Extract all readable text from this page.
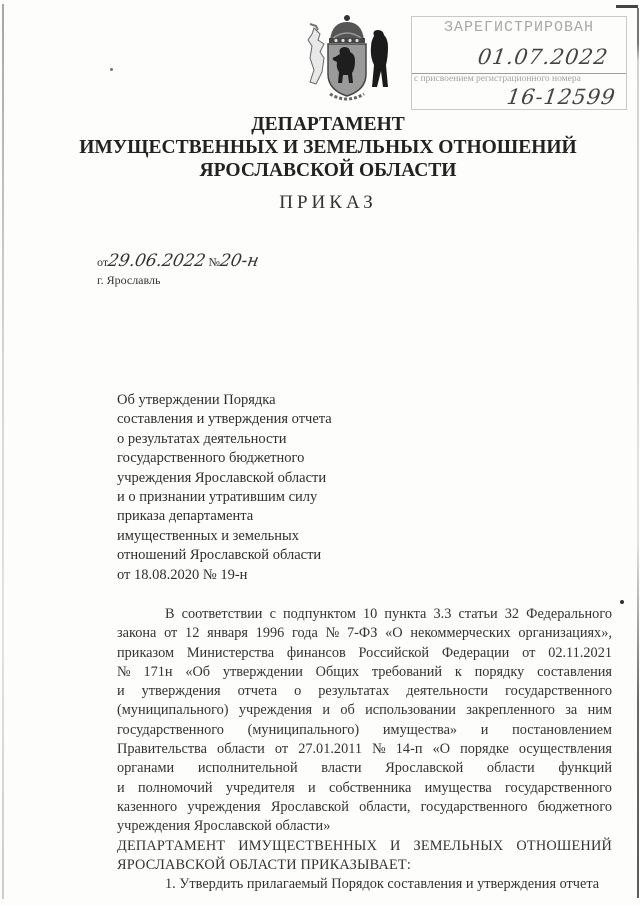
ЗАРЕГИСТРИРОВАН
01.07.2022
с присвоением регистрационного номера
16-12599
ДЕПАРТАМЕНТ
ИМУЩЕСТВЕННЫХ И ЗЕМЕЛЬНЫХ ОТНОШЕНИЙ
ЯРОСЛАВСКОЙ ОБЛАСТИ
ПРИКАЗ
от29.06.2022 №20-н
г. Ярославль
Об утверждении Порядка
составления и утверждения отчета
о результатах деятельности
государственного бюджетного
учреждения Ярославской области
и о признании утратившим силу
приказа департамента
имущественных и земельных
отношений Ярославской области
от 18.08.2020 № 19-н
В соответствии с подпунктом 10 пункта 3.3 статьи 32 Федерального
закона от 12 января 1996 года № 7-ФЗ «О некоммерческих организациях»,
приказом Министерства финансов Российской Федерации от 02.11.2021
№ 171н «Об утверждении Общих требований к порядку составления
и утверждения отчета о результатах деятельности государственного
(муниципального) учреждения и об использовании закрепленного за ним
государственного (муниципального) имущества» и постановлением
Правительства области от 27.01.2011 № 14-п «О порядке осуществления
органами исполнительной власти Ярославской области функций
и полномочий учредителя и собственника имущества государственного
казенного учреждения Ярославской области, государственного бюджетного
учреждения Ярославской области»
ДЕПАРТАМЕНТ ИМУЩЕСТВЕННЫХ И ЗЕМЕЛЬНЫХ ОТНОШЕНИЙ
ЯРОСЛАВСКОЙ ОБЛАСТИ ПРИКАЗЫВАЕТ:
1. Утвердить прилагаемый Порядок составления и утверждения отчета
